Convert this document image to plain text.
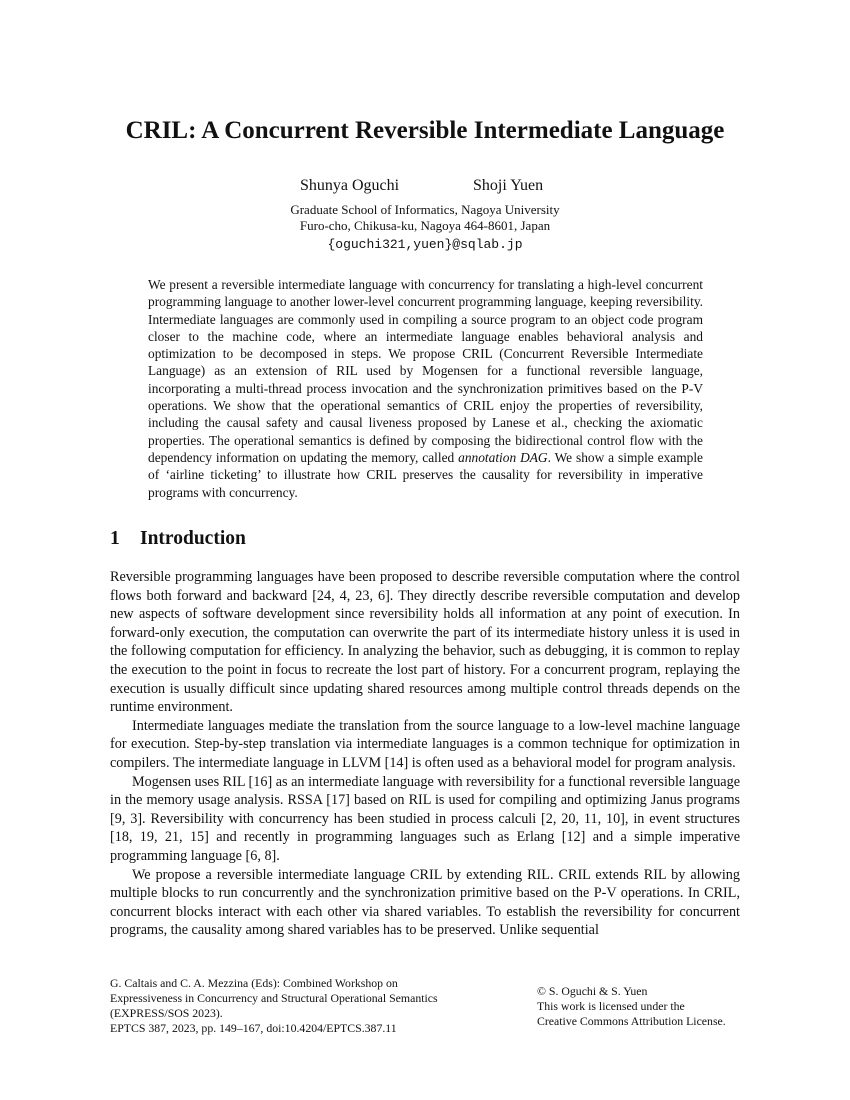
CRIL: A Concurrent Reversible Intermediate Language
Shunya Oguchi	Shoji Yuen
Graduate School of Informatics, Nagoya University
Furo-cho, Chikusa-ku, Nagoya 464-8601, Japan
{oguchi321,yuen}@sqlab.jp

We present a reversible intermediate language with concurrency for translating a high-level concurrent programming language to another lower-level concurrent programming language, keeping reversibility. Intermediate languages are commonly used in compiling a source program to an object code program closer to the machine code, where an intermediate language enables behavioral analysis and optimization to be decomposed in steps. We propose CRIL (Concurrent Reversible Intermediate Language) as an extension of RIL used by Mogensen for a functional reversible language, incorporating a multi-thread process invocation and the synchronization primitives based on the P-V operations. We show that the operational semantics of CRIL enjoy the properties of reversibility, including the causal safety and causal liveness proposed by Lanese et al., checking the axiomatic properties. The operational semantics is defined by composing the bidirectional control flow with the dependency information on updating the memory, called annotation DAG. We show a simple example of ‘airline ticketing’ to illustrate how CRIL preserves the causality for reversibility in imperative programs with concurrency.

1 Introduction

Reversible programming languages have been proposed to describe reversible computation where the control flows both forward and backward [24, 4, 23, 6]. They directly describe reversible computation and develop new aspects of software development since reversibility holds all information at any point of execution. In forward-only execution, the computation can overwrite the part of its intermediate history unless it is used in the following computation for efficiency. In analyzing the behavior, such as debugging, it is common to replay the execution to the point in focus to recreate the lost part of history. For a concurrent program, replaying the execution is usually difficult since updating shared resources among multiple control threads depends on the runtime environment.

Intermediate languages mediate the translation from the source language to a low-level machine language for execution. Step-by-step translation via intermediate languages is a common technique for optimization in compilers. The intermediate language in LLVM [14] is often used as a behavioral model for program analysis.

Mogensen uses RIL [16] as an intermediate language with reversibility for a functional reversible language in the memory usage analysis. RSSA [17] based on RIL is used for compiling and optimizing Janus programs [9, 3]. Reversibility with concurrency has been studied in process calculi [2, 20, 11, 10], in event structures [18, 19, 21, 15] and recently in programming languages such as Erlang [12] and a simple imperative programming language [6, 8].

We propose a reversible intermediate language CRIL by extending RIL. CRIL extends RIL by allowing multiple blocks to run concurrently and the synchronization primitive based on the P-V operations. In CRIL, concurrent blocks interact with each other via shared variables. To establish the reversibility for concurrent programs, the causality among shared variables has to be preserved. Unlike sequential

G. Caltais and C. A. Mezzina (Eds): Combined Workshop on

Expressiveness in Concurrency and Structural Operational Semantics

(EXPRESS/SOS 2023).

EPTCS 387, 2023, pp. 149–167, doi:10.4204/EPTCS.387.11

© S. Oguchi & S. Yuen

This work is licensed under the

Creative Commons Attribution License.
